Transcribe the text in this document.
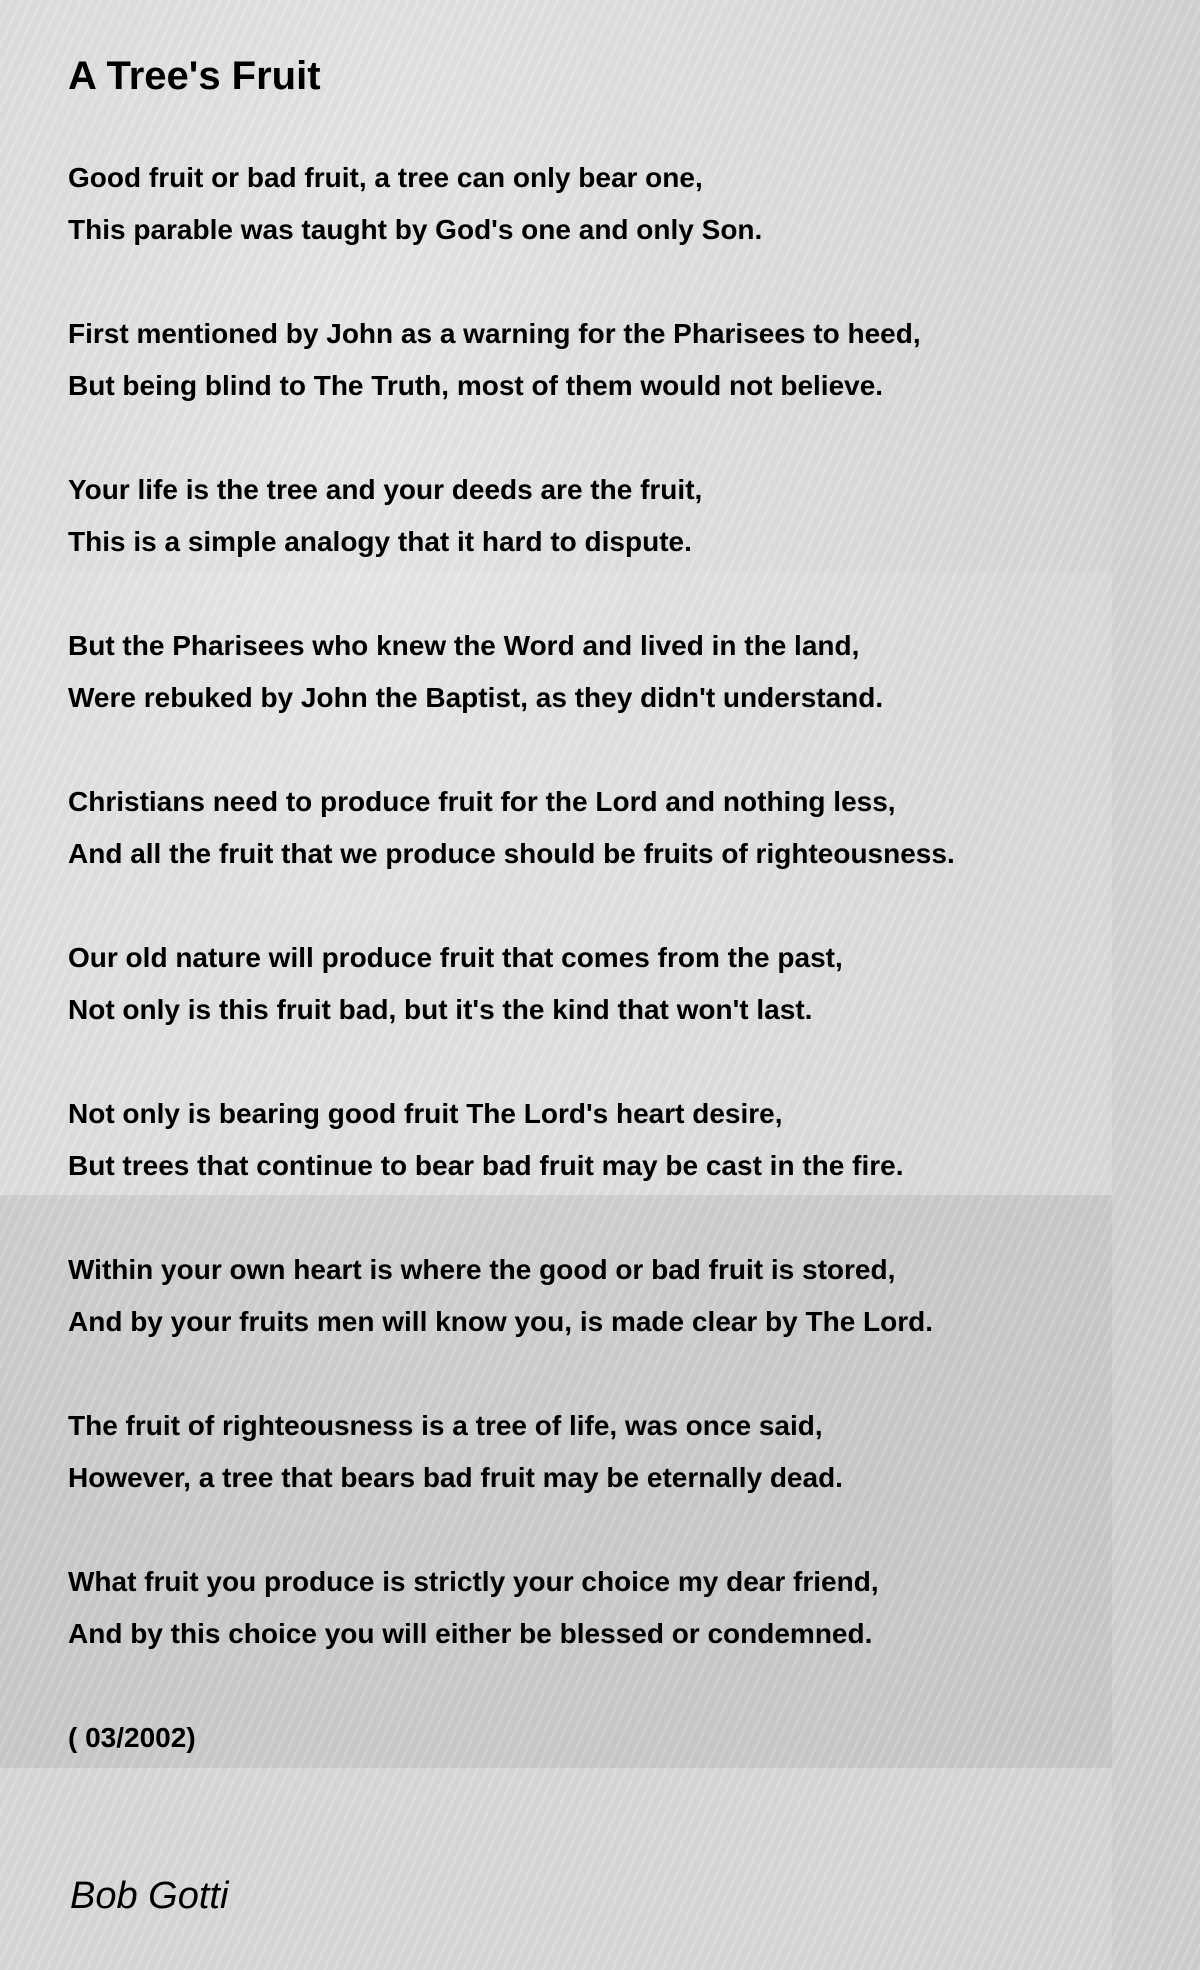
A Tree's Fruit
Good fruit or bad fruit, a tree can only bear one,
This parable was taught by God's one and only Son.
First mentioned by John as a warning for the Pharisees to heed,
But being blind to The Truth, most of them would not believe.
Your life is the tree and your deeds are the fruit,
This is a simple analogy that it hard to dispute.
But the Pharisees who knew the Word and lived in the land,
Were rebuked by John the Baptist, as they didn't understand.
Christians need to produce fruit for the Lord and nothing less,
And all the fruit that we produce should be fruits of righteousness.
Our old nature will produce fruit that comes from the past,
Not only is this fruit bad, but it's the kind that won't last.
Not only is bearing good fruit The Lord's heart desire,
But trees that continue to bear bad fruit may be cast in the fire.
Within your own heart is where the good or bad fruit is stored,
And by your fruits men will know you, is made clear by The Lord.
The fruit of righteousness is a tree of life, was once said,
However, a tree that bears bad fruit may be eternally dead.
What fruit you produce is strictly your choice my dear friend,
And by this choice you will either be blessed or condemned.
( 03/2002)
Bob Gotti
